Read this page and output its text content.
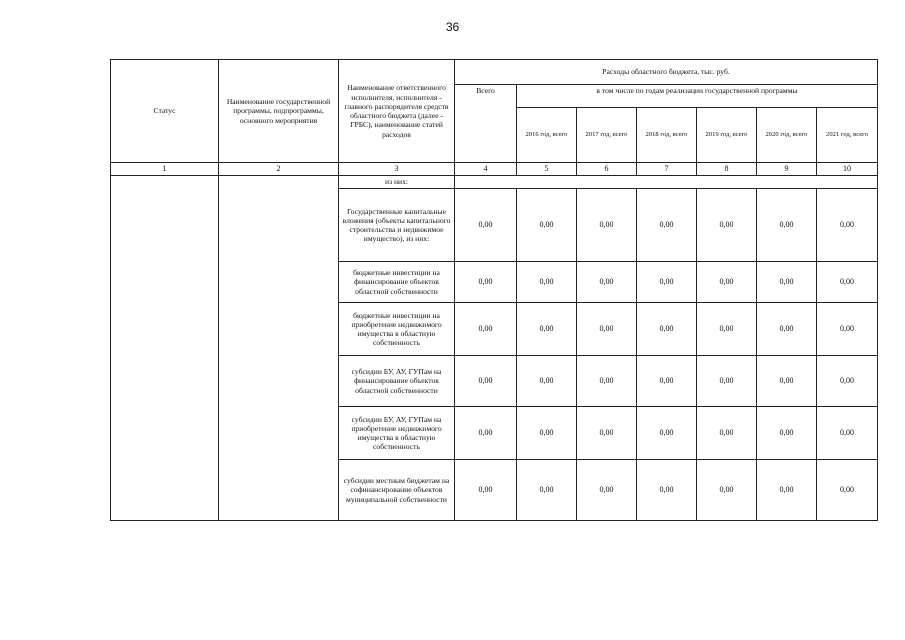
36
Статус	Наименование государственной программы, подпрограммы, основного мероприятия	Наименование ответственного исполнителя, исполнителя - главного распорядителя средств областного бюджета (далее - ГРБС), наименование статей расходов	Расходы областного бюджета, тыс. руб.						
			Всего	в том числе по годам реализации государственной программы					
				2016 год, всего	2017 год, всего	2018 год, всего	2019 год, всего	2020 год, всего	2021 год, всего
1	2	3	4	5	6	7	8	9	10
		из них:							
		Государственные капитальные вложения (объекты капитального строительства и недвижимое имущество), из них:	0,00	0,00	0,00	0,00	0,00	0,00	0,00
		бюджетные инвестиции на финансирование объектов областной собственности	0,00	0,00	0,00	0,00	0,00	0,00	0,00
		бюджетные инвестиции на приобретение недвижимого имущества в областную собственность	0,00	0,00	0,00	0,00	0,00	0,00	0,00
		субсидии БУ, АУ, ГУПам на финансирование объектов областной собственности	0,00	0,00	0,00	0,00	0,00	0,00	0,00
		субсидии БУ, АУ, ГУПам на приобретение недвижимого имущества в областную собственность	0,00	0,00	0,00	0,00	0,00	0,00	0,00
		субсидии местным бюджетам на софинансирование объектов муниципальной собственности	0,00	0,00	0,00	0,00	0,00	0,00	0,00
